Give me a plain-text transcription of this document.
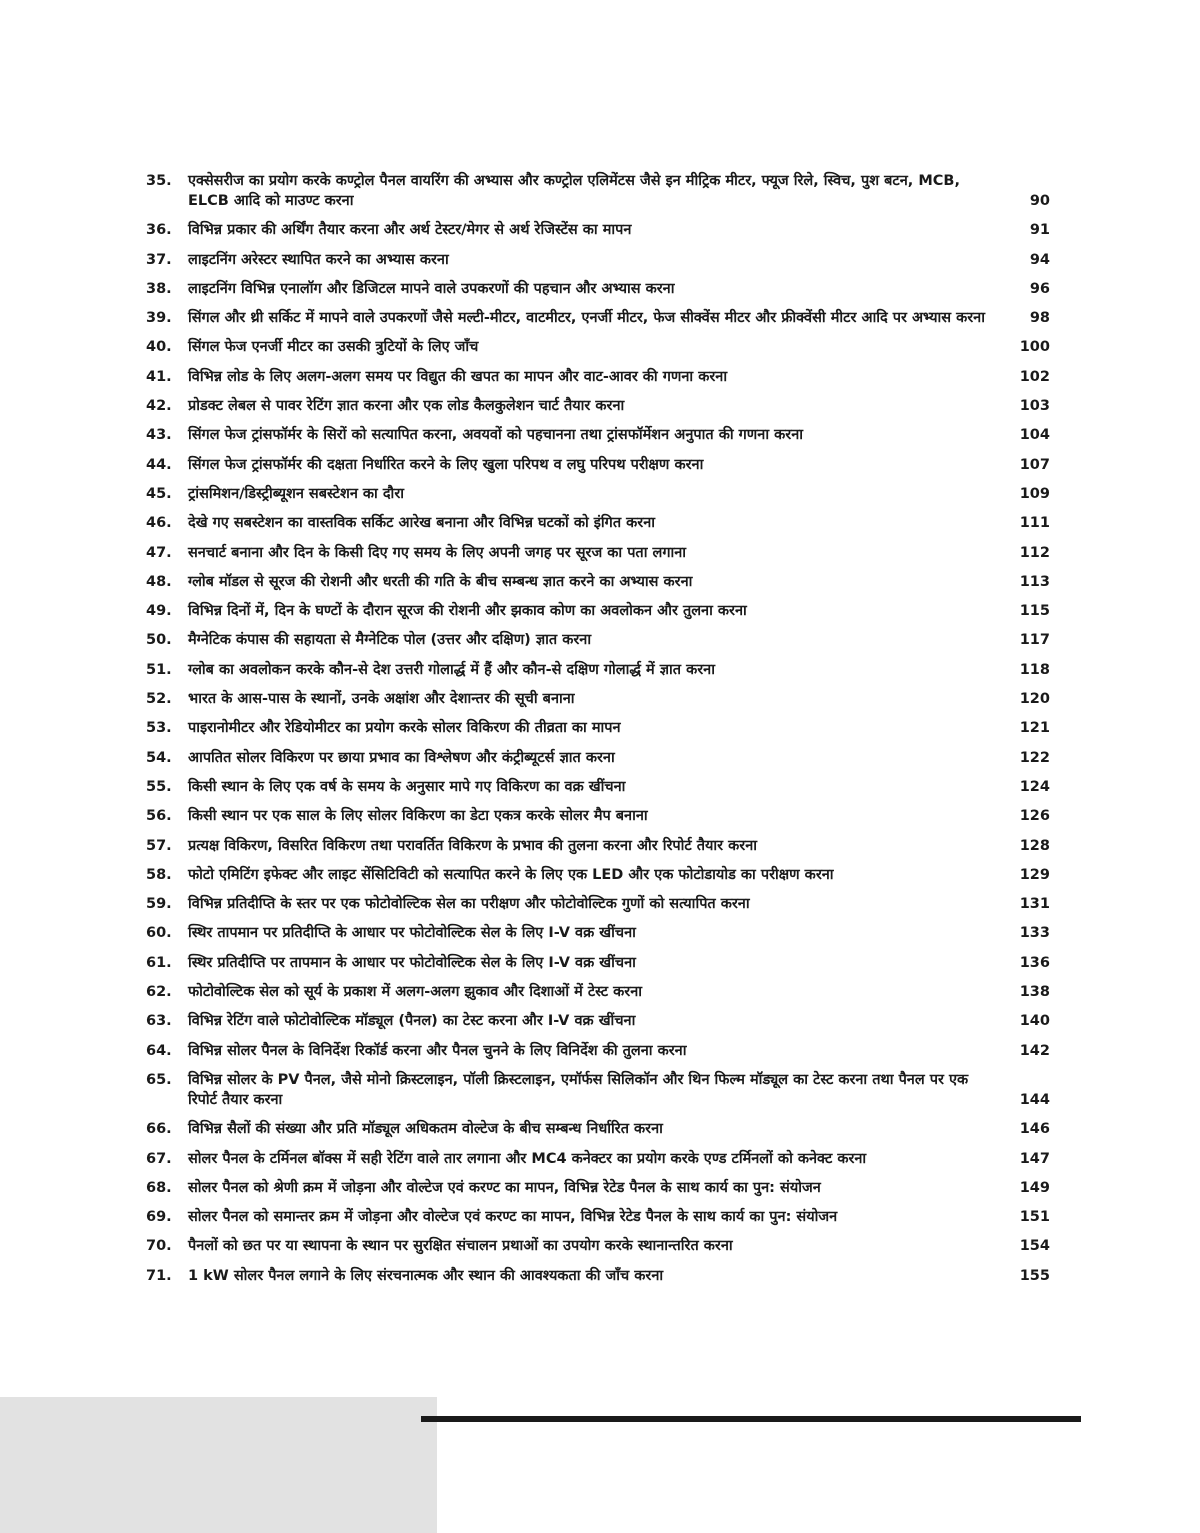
35.	एक्सेसरीज का प्रयोग करके कण्ट्रोल पैनल वायरिंग की अभ्यास और कण्ट्रोल एलिमेंटस जैसे इन मीट्रिक मीटर, फ्यूज रिले, स्विच, पुश बटन, MCB, ELCB आदि को माउण्ट करना	90
36.	विभिन्न प्रकार की अर्थिंग तैयार करना और अर्थ टेस्टर/मेगर से अर्थ रेजिस्टेंस का मापन	91
37.	लाइटनिंग अरेस्टर स्थापित करने का अभ्यास करना	94
38.	लाइटनिंग विभिन्न एनालॉग और डिजिटल मापने वाले उपकरणों की पहचान और अभ्यास करना	96
39.	सिंगल और थ्री सर्किट में मापने वाले उपकरणों जैसे मल्टी-मीटर, वाटमीटर, एनर्जी मीटर, फेज सीक्वेंस मीटर और फ्रीक्वेंसी मीटर आदि पर अभ्यास करना	98
40.	सिंगल फेज एनर्जी मीटर का उसकी त्रुटियों के लिए जाँच	100
41.	विभिन्न लोड के लिए अलग-अलग समय पर विद्युत की खपत का मापन और वाट-आवर की गणना करना	102
42.	प्रोडक्ट लेबल से पावर रेटिंग ज्ञात करना और एक लोड कैलकुलेशन चार्ट तैयार करना	103
43.	सिंगल फेज ट्रांसफॉर्मर के सिरों को सत्यापित करना, अवयवों को पहचानना तथा ट्रांसफॉर्मेशन अनुपात की गणना करना	104
44.	सिंगल फेज ट्रांसफॉर्मर की दक्षता निर्धारित करने के लिए खुला परिपथ व लघु परिपथ परीक्षण करना	107
45.	ट्रांसमिशन/डिस्ट्रीब्यूशन सबस्टेशन का दौरा	109
46.	देखे गए सबस्टेशन का वास्तविक सर्किट आरेख बनाना और विभिन्न घटकों को इंगित करना	111
47.	सनचार्ट बनाना और दिन के किसी दिए गए समय के लिए अपनी जगह पर सूरज का पता लगाना	112
48.	ग्लोब मॉडल से सूरज की रोशनी और धरती की गति के बीच सम्बन्ध ज्ञात करने का अभ्यास करना	113
49.	विभिन्न दिनों में, दिन के घण्टों के दौरान सूरज की रोशनी और झकाव कोण का अवलोकन और तुलना करना	115
50.	मैग्नेटिक कंपास की सहायता से मैग्नेटिक पोल (उत्तर और दक्षिण) ज्ञात करना	117
51.	ग्लोब का अवलोकन करके कौन-से देश उत्तरी गोलार्द्ध में हैं और कौन-से दक्षिण गोलार्द्ध में ज्ञात करना	118
52.	भारत के आस-पास के स्थानों, उनके अक्षांश और देशान्तर की सूची बनाना	120
53.	पाइरानोमीटर और रेडियोमीटर का प्रयोग करके सोलर विकिरण की तीव्रता का मापन	121
54.	आपतित सोलर विकिरण पर छाया प्रभाव का विश्लेषण और कंट्रीब्यूटर्स ज्ञात करना	122
55.	किसी स्थान के लिए एक वर्ष के समय के अनुसार मापे गए विकिरण का वक्र खींचना	124
56.	किसी स्थान पर एक साल के लिए सोलर विकिरण का डेटा एकत्र करके सोलर मैप बनाना	126
57.	प्रत्यक्ष विकिरण, विसरित विकिरण तथा परावर्तित विकिरण के प्रभाव की तुलना करना और रिपोर्ट तैयार करना	128
58.	फोटो एमिटिंग इफेक्ट और लाइट सेंसिटिविटी को सत्यापित करने के लिए एक LED और एक फोटोडायोड का परीक्षण करना	129
59.	विभिन्न प्रतिदीप्ति के स्तर पर एक फोटोवोल्टिक सेल का परीक्षण और फोटोवोल्टिक गुणों को सत्यापित करना	131
60.	स्थिर तापमान पर प्रतिदीप्ति के आधार पर फोटोवोल्टिक सेल के लिए I-V वक्र खींचना	133
61.	स्थिर प्रतिदीप्ति पर तापमान के आधार पर फोटोवोल्टिक सेल के लिए I-V वक्र खींचना	136
62.	फोटोवोल्टिक सेल को सूर्य के प्रकाश में अलग-अलग झुकाव और दिशाओं में टेस्ट करना	138
63.	विभिन्न रेटिंग वाले फोटोवोल्टिक मॉड्यूल (पैनल) का टेस्ट करना और I-V वक्र खींचना	140
64.	विभिन्न सोलर पैनल के विनिर्देश रिकॉर्ड करना और पैनल चुनने के लिए विनिर्देश की तुलना करना	142
65.	विभिन्न सोलर के PV पैनल, जैसे मोनो क्रिस्टलाइन, पॉली क्रिस्टलाइन, एमॉर्फस सिलिकॉन और थिन फिल्म मॉड्यूल का टेस्ट करना तथा पैनल पर एक रिपोर्ट तैयार करना	144
66.	विभिन्न सैलों की संख्या और प्रति मॉड्यूल अधिकतम वोल्टेज के बीच सम्बन्ध निर्धारित करना	146
67.	सोलर पैनल के टर्मिनल बॉक्स में सही रेटिंग वाले तार लगाना और MC4 कनेक्टर का प्रयोग करके एण्ड टर्मिनलों को कनेक्ट करना	147
68.	सोलर पैनल को श्रेणी क्रम में जोड़ना और वोल्टेज एवं करण्ट का मापन, विभिन्न रेटेड पैनल के साथ कार्य का पुन: संयोजन	149
69.	सोलर पैनल को समान्तर क्रम में जोड़ना और वोल्टेज एवं करण्ट का मापन, विभिन्न रेटेड पैनल के साथ कार्य का पुन: संयोजन	151
70.	पैनलों को छत पर या स्थापना के स्थान पर सुरक्षित संचालन प्रथाओं का उपयोग करके स्थानान्तरित करना	154
71.	1 kW सोलर पैनल लगाने के लिए संरचनात्मक और स्थान की आवश्यकता की जाँच करना	155
